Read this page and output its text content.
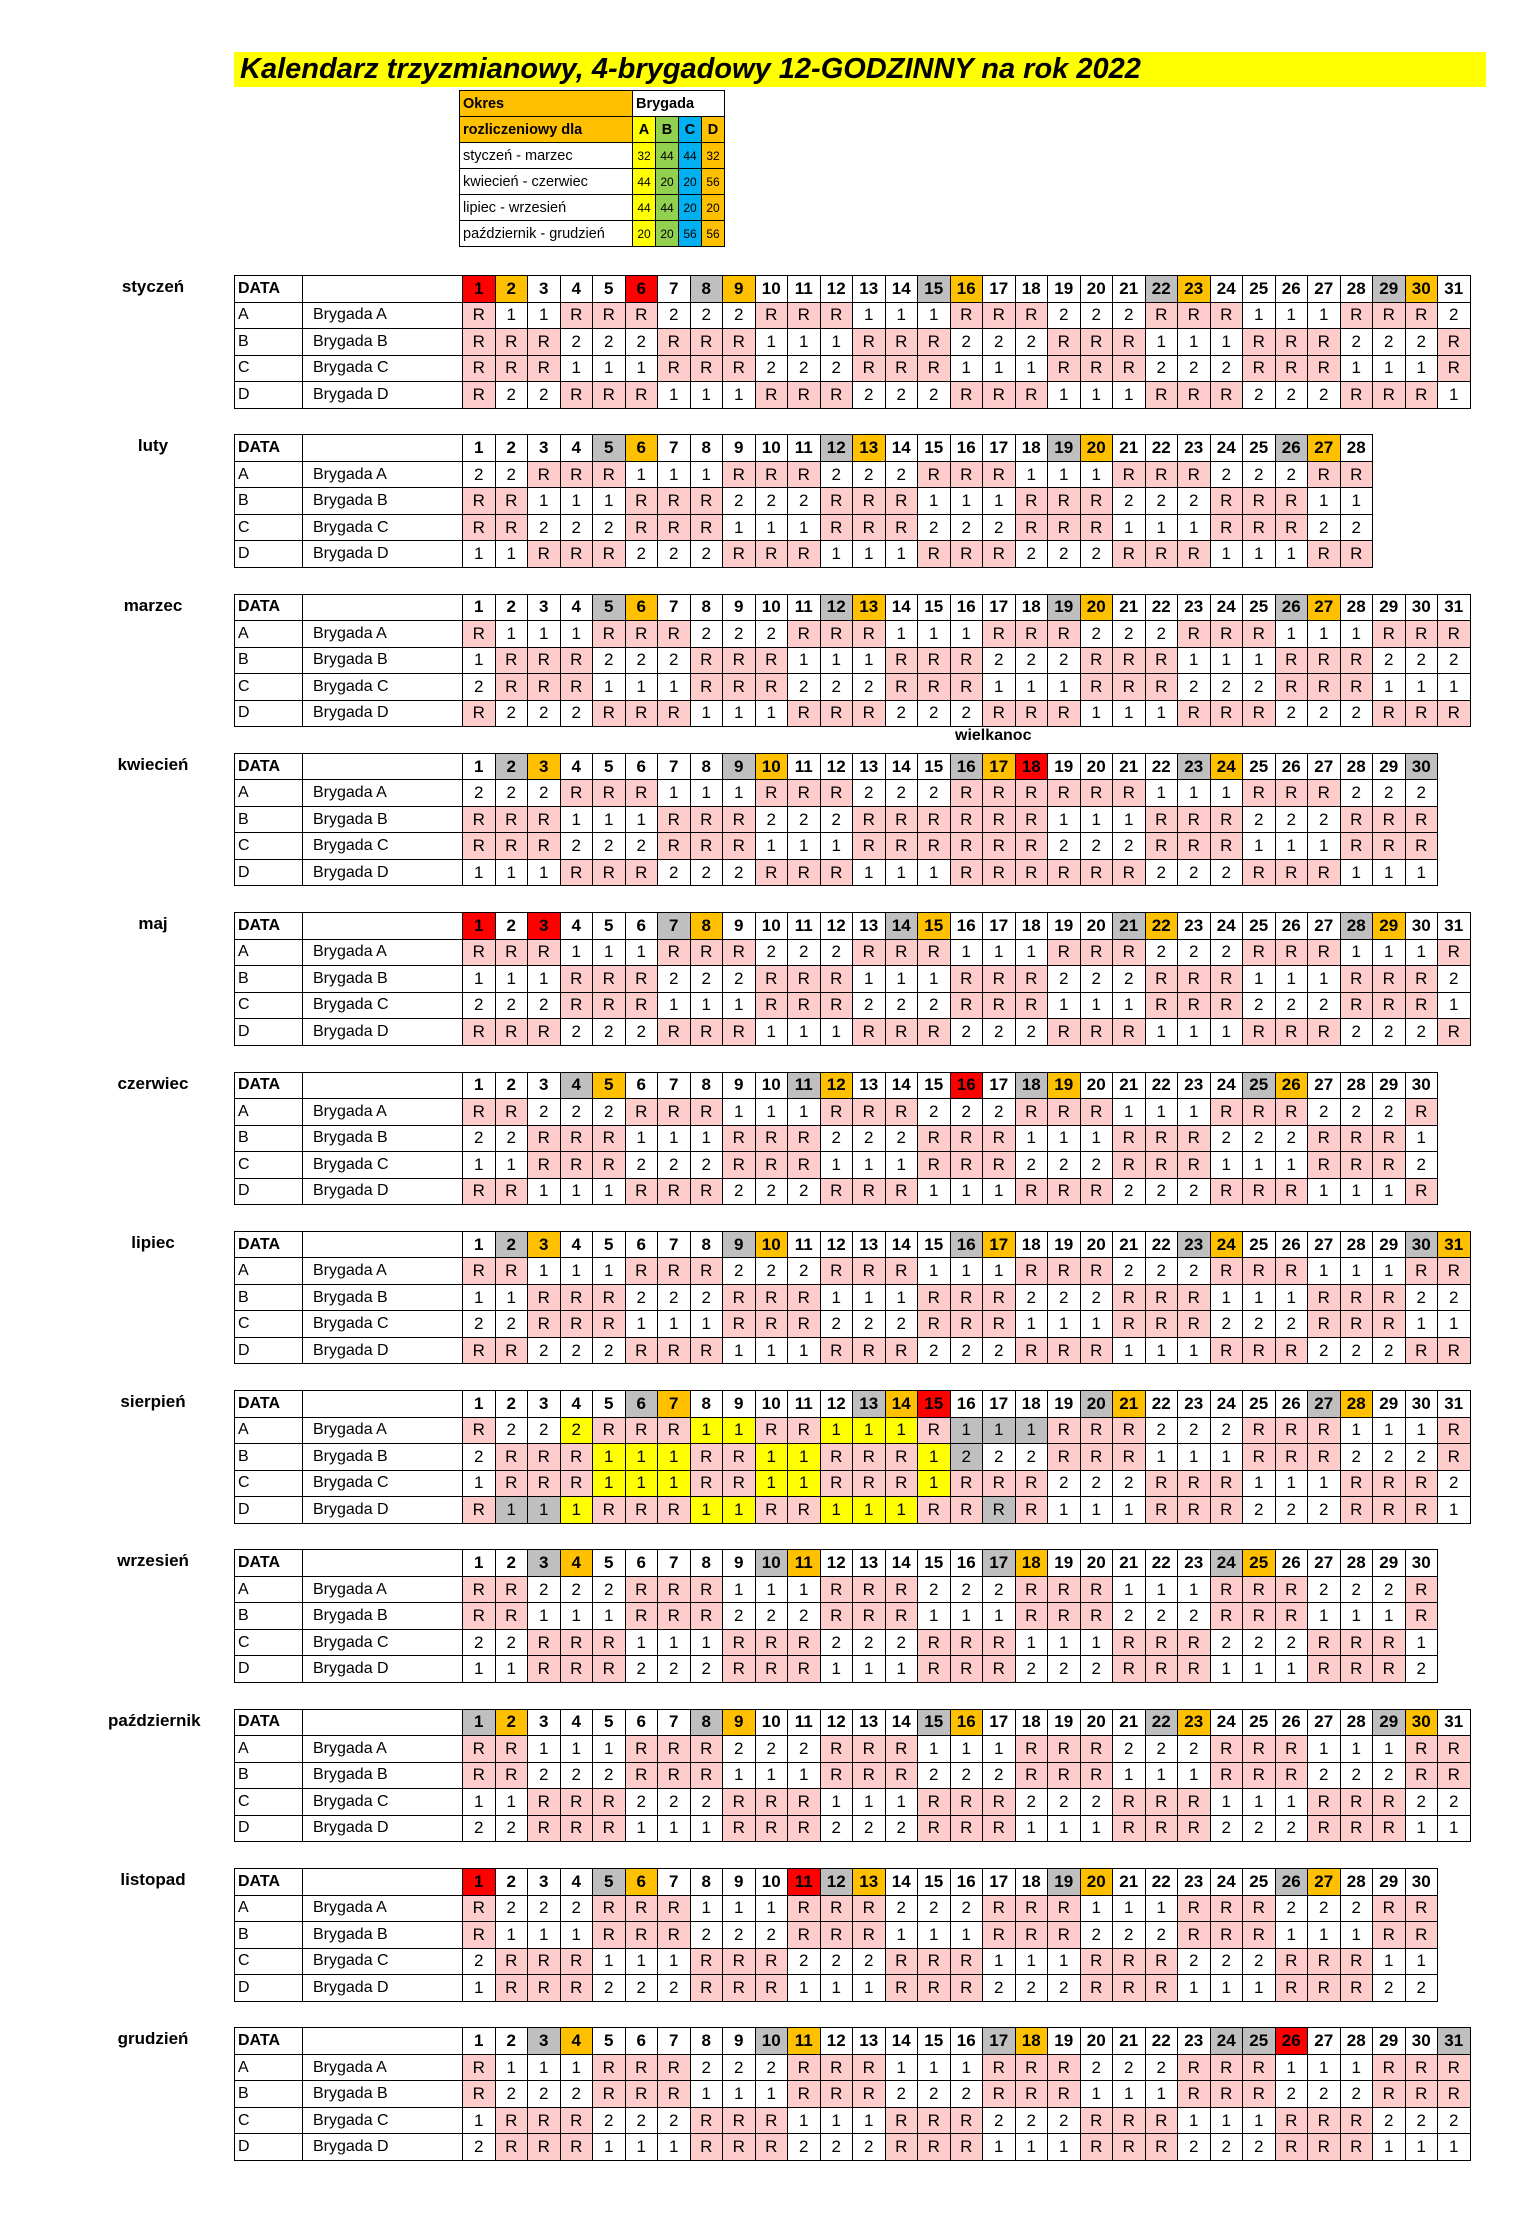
Kalendarz trzyzmianowy, 4-brygadowy 12-GODZINNY na rok 2022
Okres	Brygada			
rozliczeniowy dla	A	B	C	D
styczeń - marzec	32	44	44	32
kwiecień - czerwiec	44	20	20	56
lipiec - wrzesień	44	44	20	20
październik - grudzień	20	20	56	56
wielkanoc
styczeń	DATA		1	2	3	4	5	6	7	8	9	10	11	12	13	14	15	16	17	18	19	20	21	22	23	24	25	26	27	28	29	30	31
A	Brygada A	R	1	1	R	R	R	2	2	2	R	R	R	1	1	1	R	R	R	2	2	2	R	R	R	1	1	1	R	R	R	2
B	Brygada B	R	R	R	2	2	2	R	R	R	1	1	1	R	R	R	2	2	2	R	R	R	1	1	1	R	R	R	2	2	2	R
C	Brygada C	R	R	R	1	1	1	R	R	R	2	2	2	R	R	R	1	1	1	R	R	R	2	2	2	R	R	R	1	1	1	R
D	Brygada D	R	2	2	R	R	R	1	1	1	R	R	R	2	2	2	R	R	R	1	1	1	R	R	R	2	2	2	R	R	R	1
luty	DATA		1	2	3	4	5	6	7	8	9	10	11	12	13	14	15	16	17	18	19	20	21	22	23	24	25	26	27	28
A	Brygada A	2	2	R	R	R	1	1	1	R	R	R	2	2	2	R	R	R	1	1	1	R	R	R	2	2	2	R	R
B	Brygada B	R	R	1	1	1	R	R	R	2	2	2	R	R	R	1	1	1	R	R	R	2	2	2	R	R	R	1	1
C	Brygada C	R	R	2	2	2	R	R	R	1	1	1	R	R	R	2	2	2	R	R	R	1	1	1	R	R	R	2	2
D	Brygada D	1	1	R	R	R	2	2	2	R	R	R	1	1	1	R	R	R	2	2	2	R	R	R	1	1	1	R	R
marzec	DATA		1	2	3	4	5	6	7	8	9	10	11	12	13	14	15	16	17	18	19	20	21	22	23	24	25	26	27	28	29	30	31
A	Brygada A	R	1	1	1	R	R	R	2	2	2	R	R	R	1	1	1	R	R	R	2	2	2	R	R	R	1	1	1	R	R	R
B	Brygada B	1	R	R	R	2	2	2	R	R	R	1	1	1	R	R	R	2	2	2	R	R	R	1	1	1	R	R	R	2	2	2
C	Brygada C	2	R	R	R	1	1	1	R	R	R	2	2	2	R	R	R	1	1	1	R	R	R	2	2	2	R	R	R	1	1	1
D	Brygada D	R	2	2	2	R	R	R	1	1	1	R	R	R	2	2	2	R	R	R	1	1	1	R	R	R	2	2	2	R	R	R
kwiecień	DATA		1	2	3	4	5	6	7	8	9	10	11	12	13	14	15	16	17	18	19	20	21	22	23	24	25	26	27	28	29	30
A	Brygada A	2	2	2	R	R	R	1	1	1	R	R	R	2	2	2	R	R	R	R	R	R	1	1	1	R	R	R	2	2	2
B	Brygada B	R	R	R	1	1	1	R	R	R	2	2	2	R	R	R	R	R	R	1	1	1	R	R	R	2	2	2	R	R	R
C	Brygada C	R	R	R	2	2	2	R	R	R	1	1	1	R	R	R	R	R	R	2	2	2	R	R	R	1	1	1	R	R	R
D	Brygada D	1	1	1	R	R	R	2	2	2	R	R	R	1	1	1	R	R	R	R	R	R	2	2	2	R	R	R	1	1	1
maj	DATA		1	2	3	4	5	6	7	8	9	10	11	12	13	14	15	16	17	18	19	20	21	22	23	24	25	26	27	28	29	30	31
A	Brygada A	R	R	R	1	1	1	R	R	R	2	2	2	R	R	R	1	1	1	R	R	R	2	2	2	R	R	R	1	1	1	R
B	Brygada B	1	1	1	R	R	R	2	2	2	R	R	R	1	1	1	R	R	R	2	2	2	R	R	R	1	1	1	R	R	R	2
C	Brygada C	2	2	2	R	R	R	1	1	1	R	R	R	2	2	2	R	R	R	1	1	1	R	R	R	2	2	2	R	R	R	1
D	Brygada D	R	R	R	2	2	2	R	R	R	1	1	1	R	R	R	2	2	2	R	R	R	1	1	1	R	R	R	2	2	2	R
czerwiec	DATA		1	2	3	4	5	6	7	8	9	10	11	12	13	14	15	16	17	18	19	20	21	22	23	24	25	26	27	28	29	30
A	Brygada A	R	R	2	2	2	R	R	R	1	1	1	R	R	R	2	2	2	R	R	R	1	1	1	R	R	R	2	2	2	R
B	Brygada B	2	2	R	R	R	1	1	1	R	R	R	2	2	2	R	R	R	1	1	1	R	R	R	2	2	2	R	R	R	1
C	Brygada C	1	1	R	R	R	2	2	2	R	R	R	1	1	1	R	R	R	2	2	2	R	R	R	1	1	1	R	R	R	2
D	Brygada D	R	R	1	1	1	R	R	R	2	2	2	R	R	R	1	1	1	R	R	R	2	2	2	R	R	R	1	1	1	R
lipiec	DATA		1	2	3	4	5	6	7	8	9	10	11	12	13	14	15	16	17	18	19	20	21	22	23	24	25	26	27	28	29	30	31
A	Brygada A	R	R	1	1	1	R	R	R	2	2	2	R	R	R	1	1	1	R	R	R	2	2	2	R	R	R	1	1	1	R	R
B	Brygada B	1	1	R	R	R	2	2	2	R	R	R	1	1	1	R	R	R	2	2	2	R	R	R	1	1	1	R	R	R	2	2
C	Brygada C	2	2	R	R	R	1	1	1	R	R	R	2	2	2	R	R	R	1	1	1	R	R	R	2	2	2	R	R	R	1	1
D	Brygada D	R	R	2	2	2	R	R	R	1	1	1	R	R	R	2	2	2	R	R	R	1	1	1	R	R	R	2	2	2	R	R
sierpień	DATA		1	2	3	4	5	6	7	8	9	10	11	12	13	14	15	16	17	18	19	20	21	22	23	24	25	26	27	28	29	30	31
A	Brygada A	R	2	2	2	R	R	R	1	1	R	R	1	1	1	R	1	1	1	R	R	R	2	2	2	R	R	R	1	1	1	R
B	Brygada B	2	R	R	R	1	1	1	R	R	1	1	R	R	R	1	2	2	2	R	R	R	1	1	1	R	R	R	2	2	2	R
C	Brygada C	1	R	R	R	1	1	1	R	R	1	1	R	R	R	1	R	R	R	2	2	2	R	R	R	1	1	1	R	R	R	2
D	Brygada D	R	1	1	1	R	R	R	1	1	R	R	1	1	1	R	R	R	R	1	1	1	R	R	R	2	2	2	R	R	R	1
wrzesień	DATA		1	2	3	4	5	6	7	8	9	10	11	12	13	14	15	16	17	18	19	20	21	22	23	24	25	26	27	28	29	30
A	Brygada A	R	R	2	2	2	R	R	R	1	1	1	R	R	R	2	2	2	R	R	R	1	1	1	R	R	R	2	2	2	R
B	Brygada B	R	R	1	1	1	R	R	R	2	2	2	R	R	R	1	1	1	R	R	R	2	2	2	R	R	R	1	1	1	R
C	Brygada C	2	2	R	R	R	1	1	1	R	R	R	2	2	2	R	R	R	1	1	1	R	R	R	2	2	2	R	R	R	1
D	Brygada D	1	1	R	R	R	2	2	2	R	R	R	1	1	1	R	R	R	2	2	2	R	R	R	1	1	1	R	R	R	2
październik DATA		1	2	3	4	5	6	7	8	9	10	11	12	13	14	15	16	17	18	19	20	21	22	23	24	25	26	27	28	29	30	31
A	Brygada A	R	R	1	1	1	R	R	R	2	2	2	R	R	R	1	1	1	R	R	R	2	2	2	R	R	R	1	1	1	R	R
B	Brygada B	R	R	2	2	2	R	R	R	1	1	1	R	R	R	2	2	2	R	R	R	1	1	1	R	R	R	2	2	2	R	R
C	Brygada C	1	1	R	R	R	2	2	2	R	R	R	1	1	1	R	R	R	2	2	2	R	R	R	1	1	1	R	R	R	2	2
D	Brygada D	2	2	R	R	R	1	1	1	R	R	R	2	2	2	R	R	R	1	1	1	R	R	R	2	2	2	R	R	R	1	1
listopad	DATA		1	2	3	4	5	6	7	8	9	10	11	12	13	14	15	16	17	18	19	20	21	22	23	24	25	26	27	28	29	30
A	Brygada A	R	2	2	2	R	R	R	1	1	1	R	R	R	2	2	2	R	R	R	1	1	1	R	R	R	2	2	2	R	R
B	Brygada B	R	1	1	1	R	R	R	2	2	2	R	R	R	1	1	1	R	R	R	2	2	2	R	R	R	1	1	1	R	R
C	Brygada C	2	R	R	R	1	1	1	R	R	R	2	2	2	R	R	R	1	1	1	R	R	R	2	2	2	R	R	R	1	1
D	Brygada D	1	R	R	R	2	2	2	R	R	R	1	1	1	R	R	R	2	2	2	R	R	R	1	1	1	R	R	R	2	2
grudzień	DATA		1	2	3	4	5	6	7	8	9	10	11	12	13	14	15	16	17	18	19	20	21	22	23	24	25	26	27	28	29	30	31
A	Brygada A	R	1	1	1	R	R	R	2	2	2	R	R	R	1	1	1	R	R	R	2	2	2	R	R	R	1	1	1	R	R	R
B	Brygada B	R	2	2	2	R	R	R	1	1	1	R	R	R	2	2	2	R	R	R	1	1	1	R	R	R	2	2	2	R	R	R
C	Brygada C	1	R	R	R	2	2	2	R	R	R	1	1	1	R	R	R	2	2	2	R	R	R	1	1	1	R	R	R	2	2	2
D	Brygada D	2	R	R	R	1	1	1	R	R	R	2	2	2	R	R	R	1	1	1	R	R	R	2	2	2	R	R	R	1	1	1
